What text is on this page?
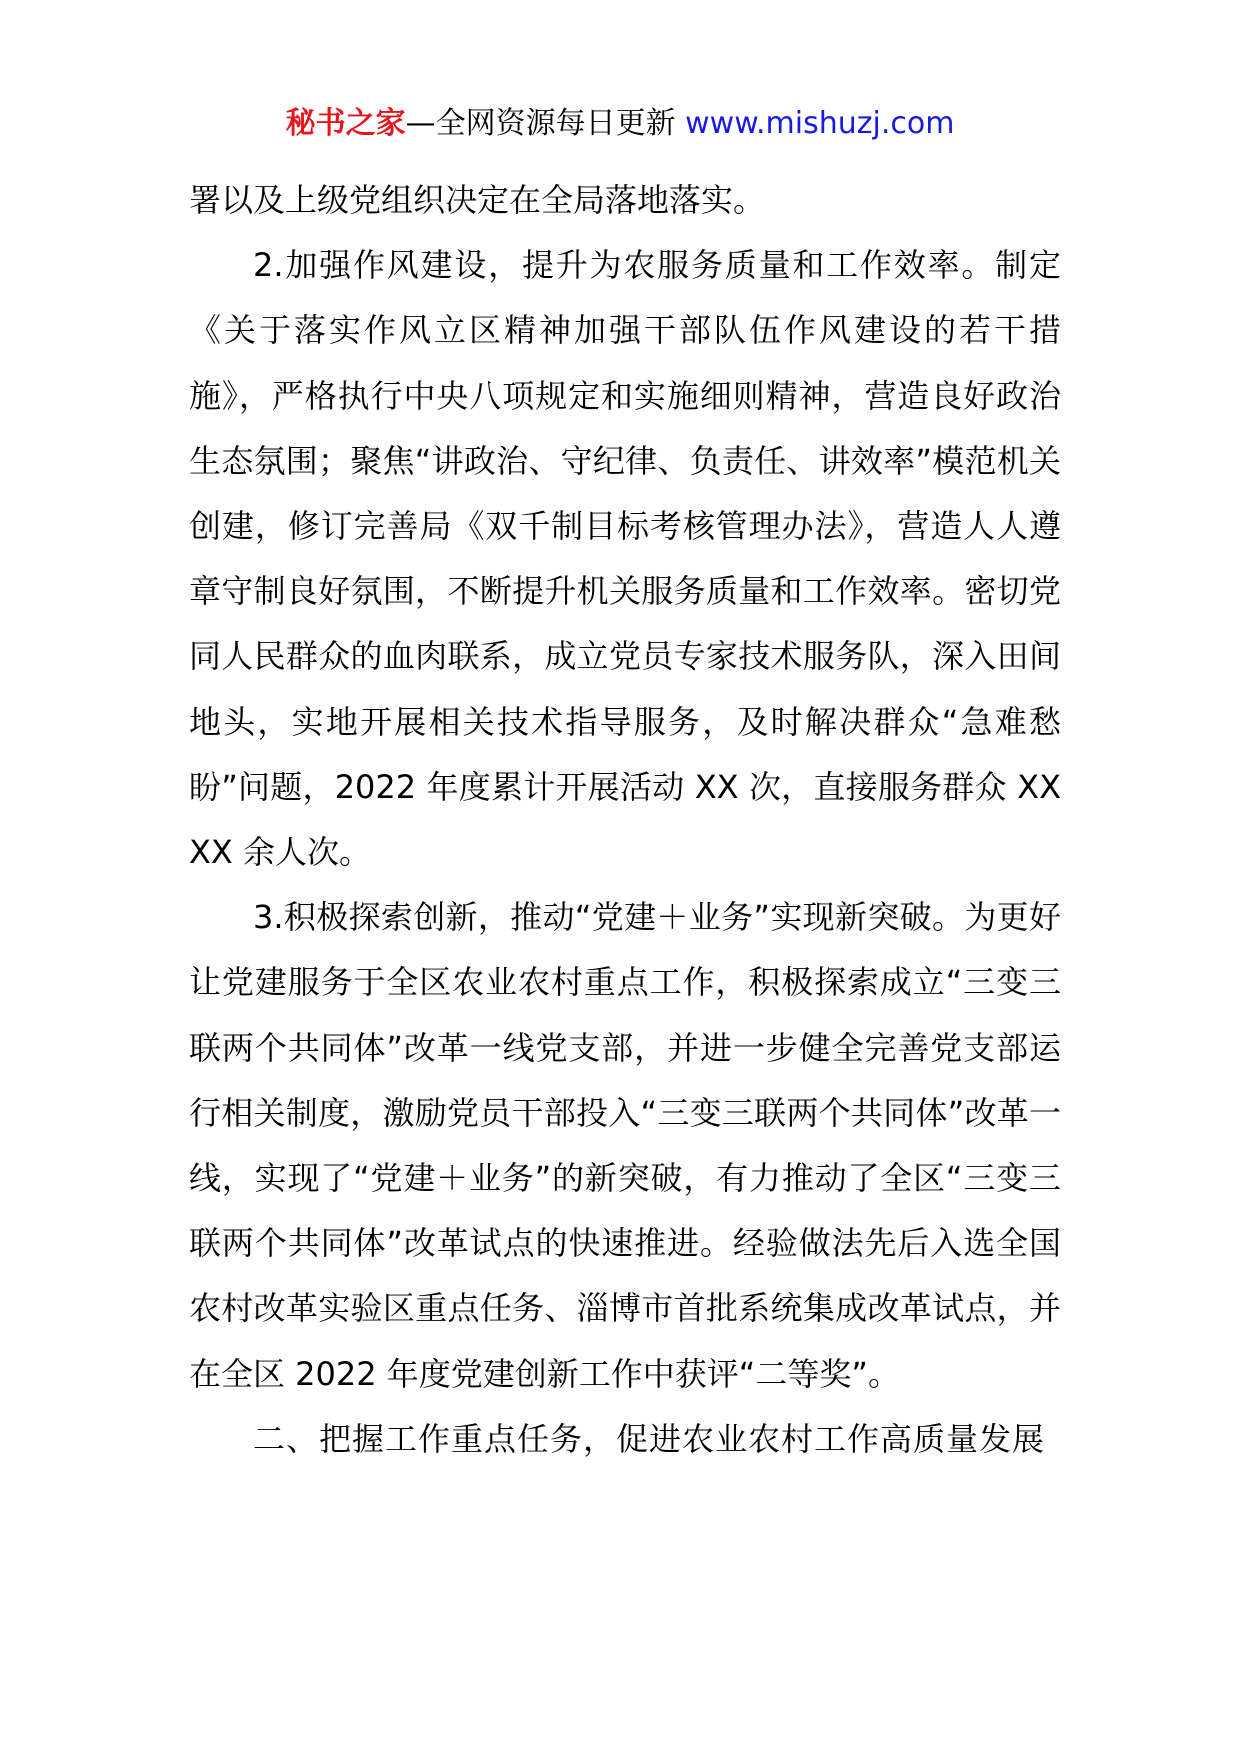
秘书之家—全网资源每日更新 www.mishuzj.com

署以及上级党组织决定在全局落地落实。

2.加强作风建设，提升为农服务质量和工作效率。制定《关于落实作风立区精神加强干部队伍作风建设的若干措施》，严格执行中央八项规定和实施细则精神，营造良好政治生态氛围；聚焦“讲政治、守纪律、负责任、讲效率”模范机关创建，修订完善局《双千制目标考核管理办法》，营造人人遵章守制良好氛围，不断提升机关服务质量和工作效率。密切党同人民群众的血肉联系，成立党员专家技术服务队，深入田间地头，实地开展相关技术指导服务，及时解决群众“急难愁盼”问题，2022 年度累计开展活动 XX 次，直接服务群众 XXXX 余人次。

3.积极探索创新，推动“党建＋业务”实现新突破。为更好让党建服务于全区农业农村重点工作，积极探索成立“三变三联两个共同体”改革一线党支部，并进一步健全完善党支部运行相关制度，激励党员干部投入“三变三联两个共同体”改革一线，实现了“党建＋业务”的新突破，有力推动了全区“三变三联两个共同体”改革试点的快速推进。经验做法先后入选全国农村改革实验区重点任务、淄博市首批系统集成改革试点，并在全区 2022 年度党建创新工作中获评“二等奖”。

二、把握工作重点任务，促进农业农村工作高质量发展
